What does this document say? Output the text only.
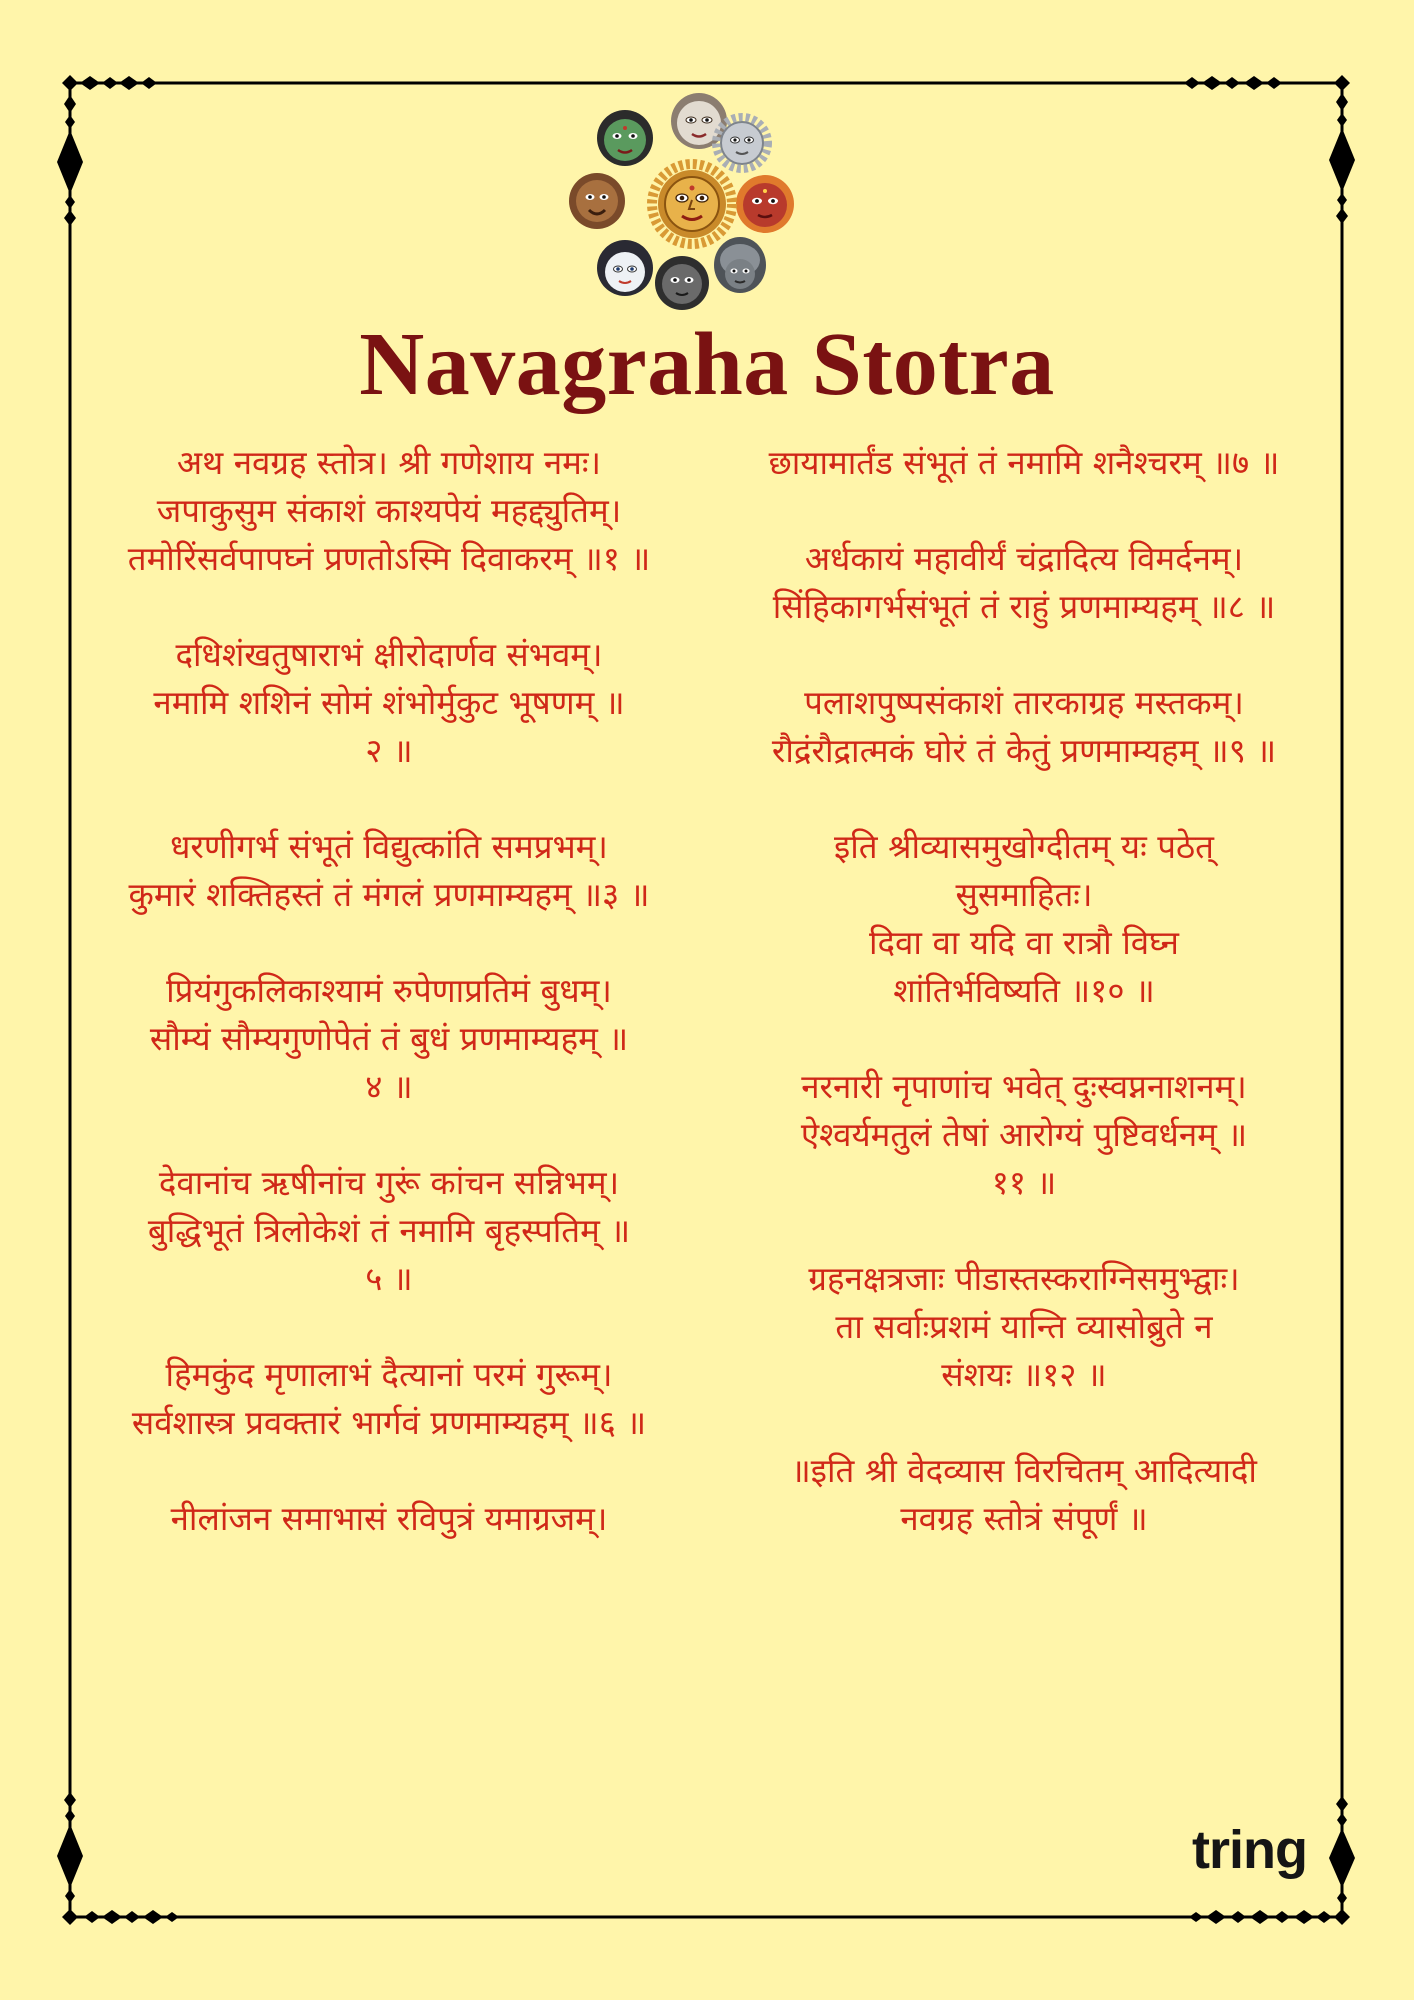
Navagraha Stotra
अथ नवग्रह स्तोत्र। श्री गणेशाय नमः।
जपाकुसुम संकाशं काश्यपेयं महद्द्युतिम्।
तमोरिंसर्वपापघ्नं प्रणतोऽस्मि दिवाकरम् ॥१ ॥
दधिशंखतुषाराभं क्षीरोदार्णव संभवम्।
नमामि शशिनं सोमं शंभोर्मुकुट भूषणम् ॥
२ ॥
धरणीगर्भ संभूतं विद्युत्कांति समप्रभम्।
कुमारं शक्तिहस्तं तं मंगलं प्रणमाम्यहम् ॥३ ॥
प्रियंगुकलिकाश्यामं रुपेणाप्रतिमं बुधम्।
सौम्यं सौम्यगुणोपेतं तं बुधं प्रणमाम्यहम् ॥
४ ॥
देवानांच ऋषीनांच गुरूं कांचन सन्निभम्।
बुद्धिभूतं त्रिलोकेशं तं नमामि बृहस्पतिम् ॥
५ ॥
हिमकुंद मृणालाभं दैत्यानां परमं गुरूम्।
सर्वशास्त्र प्रवक्तारं भार्गवं प्रणमाम्यहम् ॥६ ॥
नीलांजन समाभासं रविपुत्रं यमाग्रजम्।
छायामार्तंड संभूतं तं नमामि शनैश्चरम् ॥७ ॥
अर्धकायं महावीर्यं चंद्रादित्य विमर्दनम्।
सिंहिकागर्भसंभूतं तं राहुं प्रणमाम्यहम् ॥८ ॥
पलाशपुष्पसंकाशं तारकाग्रह मस्तकम्।
रौद्रंरौद्रात्मकं घोरं तं केतुं प्रणमाम्यहम् ॥९ ॥
इति श्रीव्यासमुखोग्दीतम् यः पठेत्
सुसमाहितः।
दिवा वा यदि वा रात्रौ विघ्न
शांतिर्भविष्यति ॥१० ॥
नरनारी नृपाणांच भवेत् दुःस्वप्ननाशनम्।
ऐश्वर्यमतुलं तेषां आरोग्यं पुष्टिवर्धनम् ॥
११ ॥
ग्रहनक्षत्रजाः पीडास्तस्कराग्निसमुभ्द्वाः।
ता सर्वाःप्रशमं यान्ति व्यासोब्रुते न
संशयः ॥१२ ॥
॥इति श्री वेदव्यास विरचितम् आदित्यादी
नवग्रह स्तोत्रं संपूर्णं ॥
tring
